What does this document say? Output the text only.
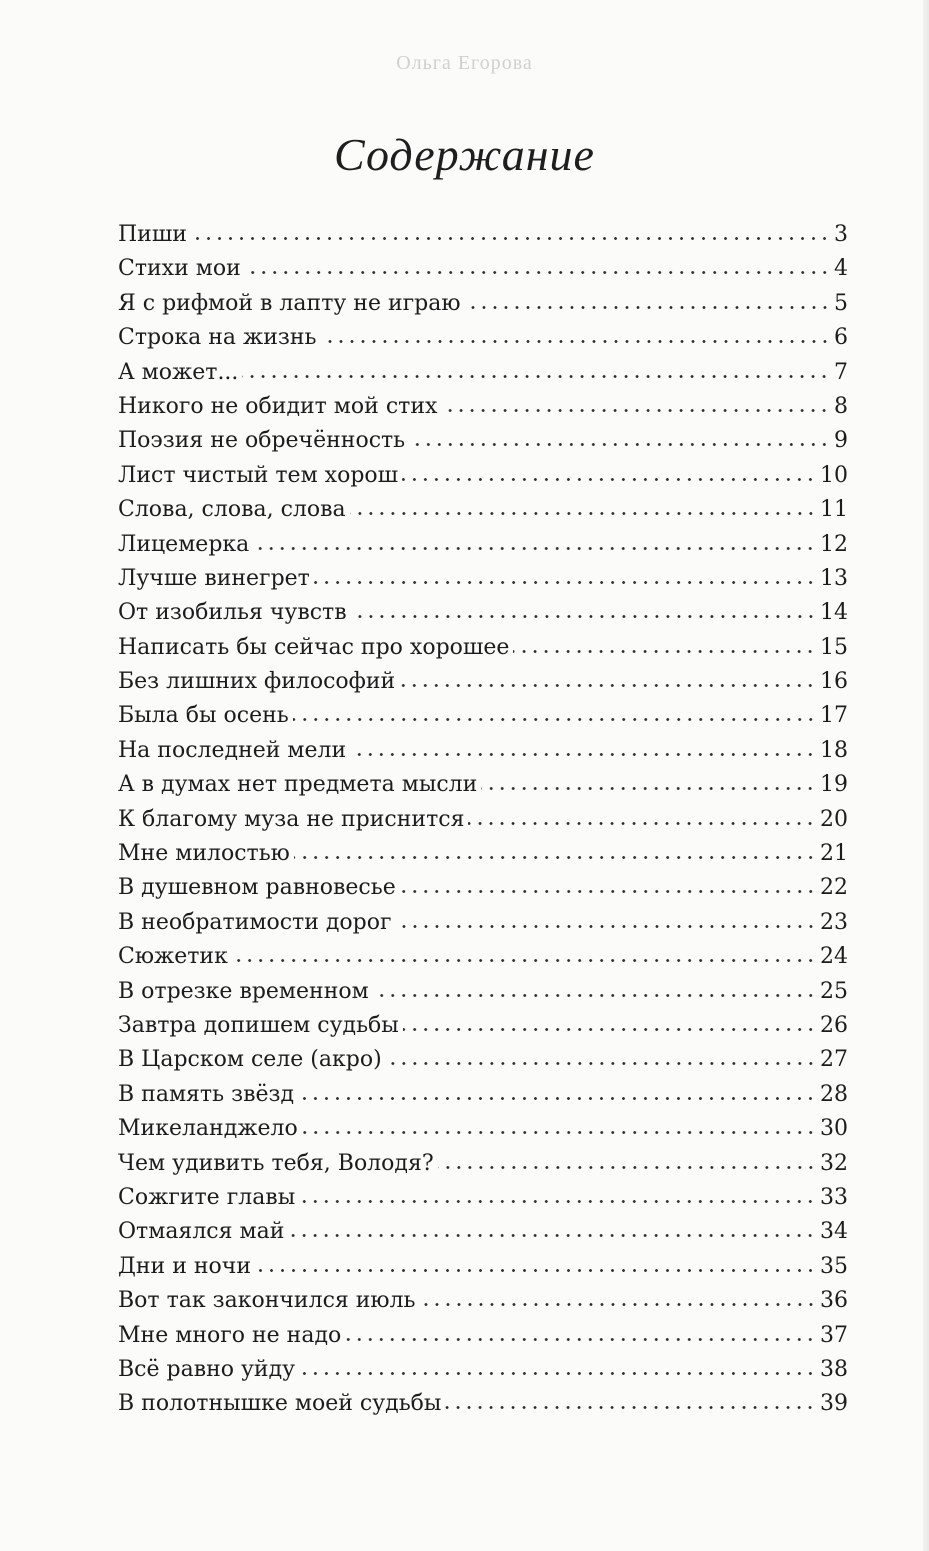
Ольга Егорова
Содержание
Пиши	3
Стихи мои	4
Я с рифмой в лапту не играю	5
Строка на жизнь	6
А может...	7
Никого не обидит мой стих	8
Поэзия не обречённость	9
Лист чистый тем хорош	10
Слова, слова, слова	11
Лицемерка	12
Лучше винегрет	13
От изобилья чувств	14
Написать бы сейчас про хорошее	15
Без лишних философий	16
Была бы осень	17
На последней мели	18
А в думах нет предмета мысли	19
К благому муза не приснится	20
Мне милостью	21
В душевном равновесье	22
В необратимости дорог	23
Сюжетик	24
В отрезке временном	25
Завтра допишем судьбы	26
В Царском селе (акро)	27
В память звёзд	28
Микеланджело	30
Чем удивить тебя, Володя?	32
Сожгите главы	33
Отмаялся май	34
Дни и ночи	35
Вот так закончился июль	36
Мне много не надо	37
Всё равно уйду	38
В полотнышке моей судьбы	39
